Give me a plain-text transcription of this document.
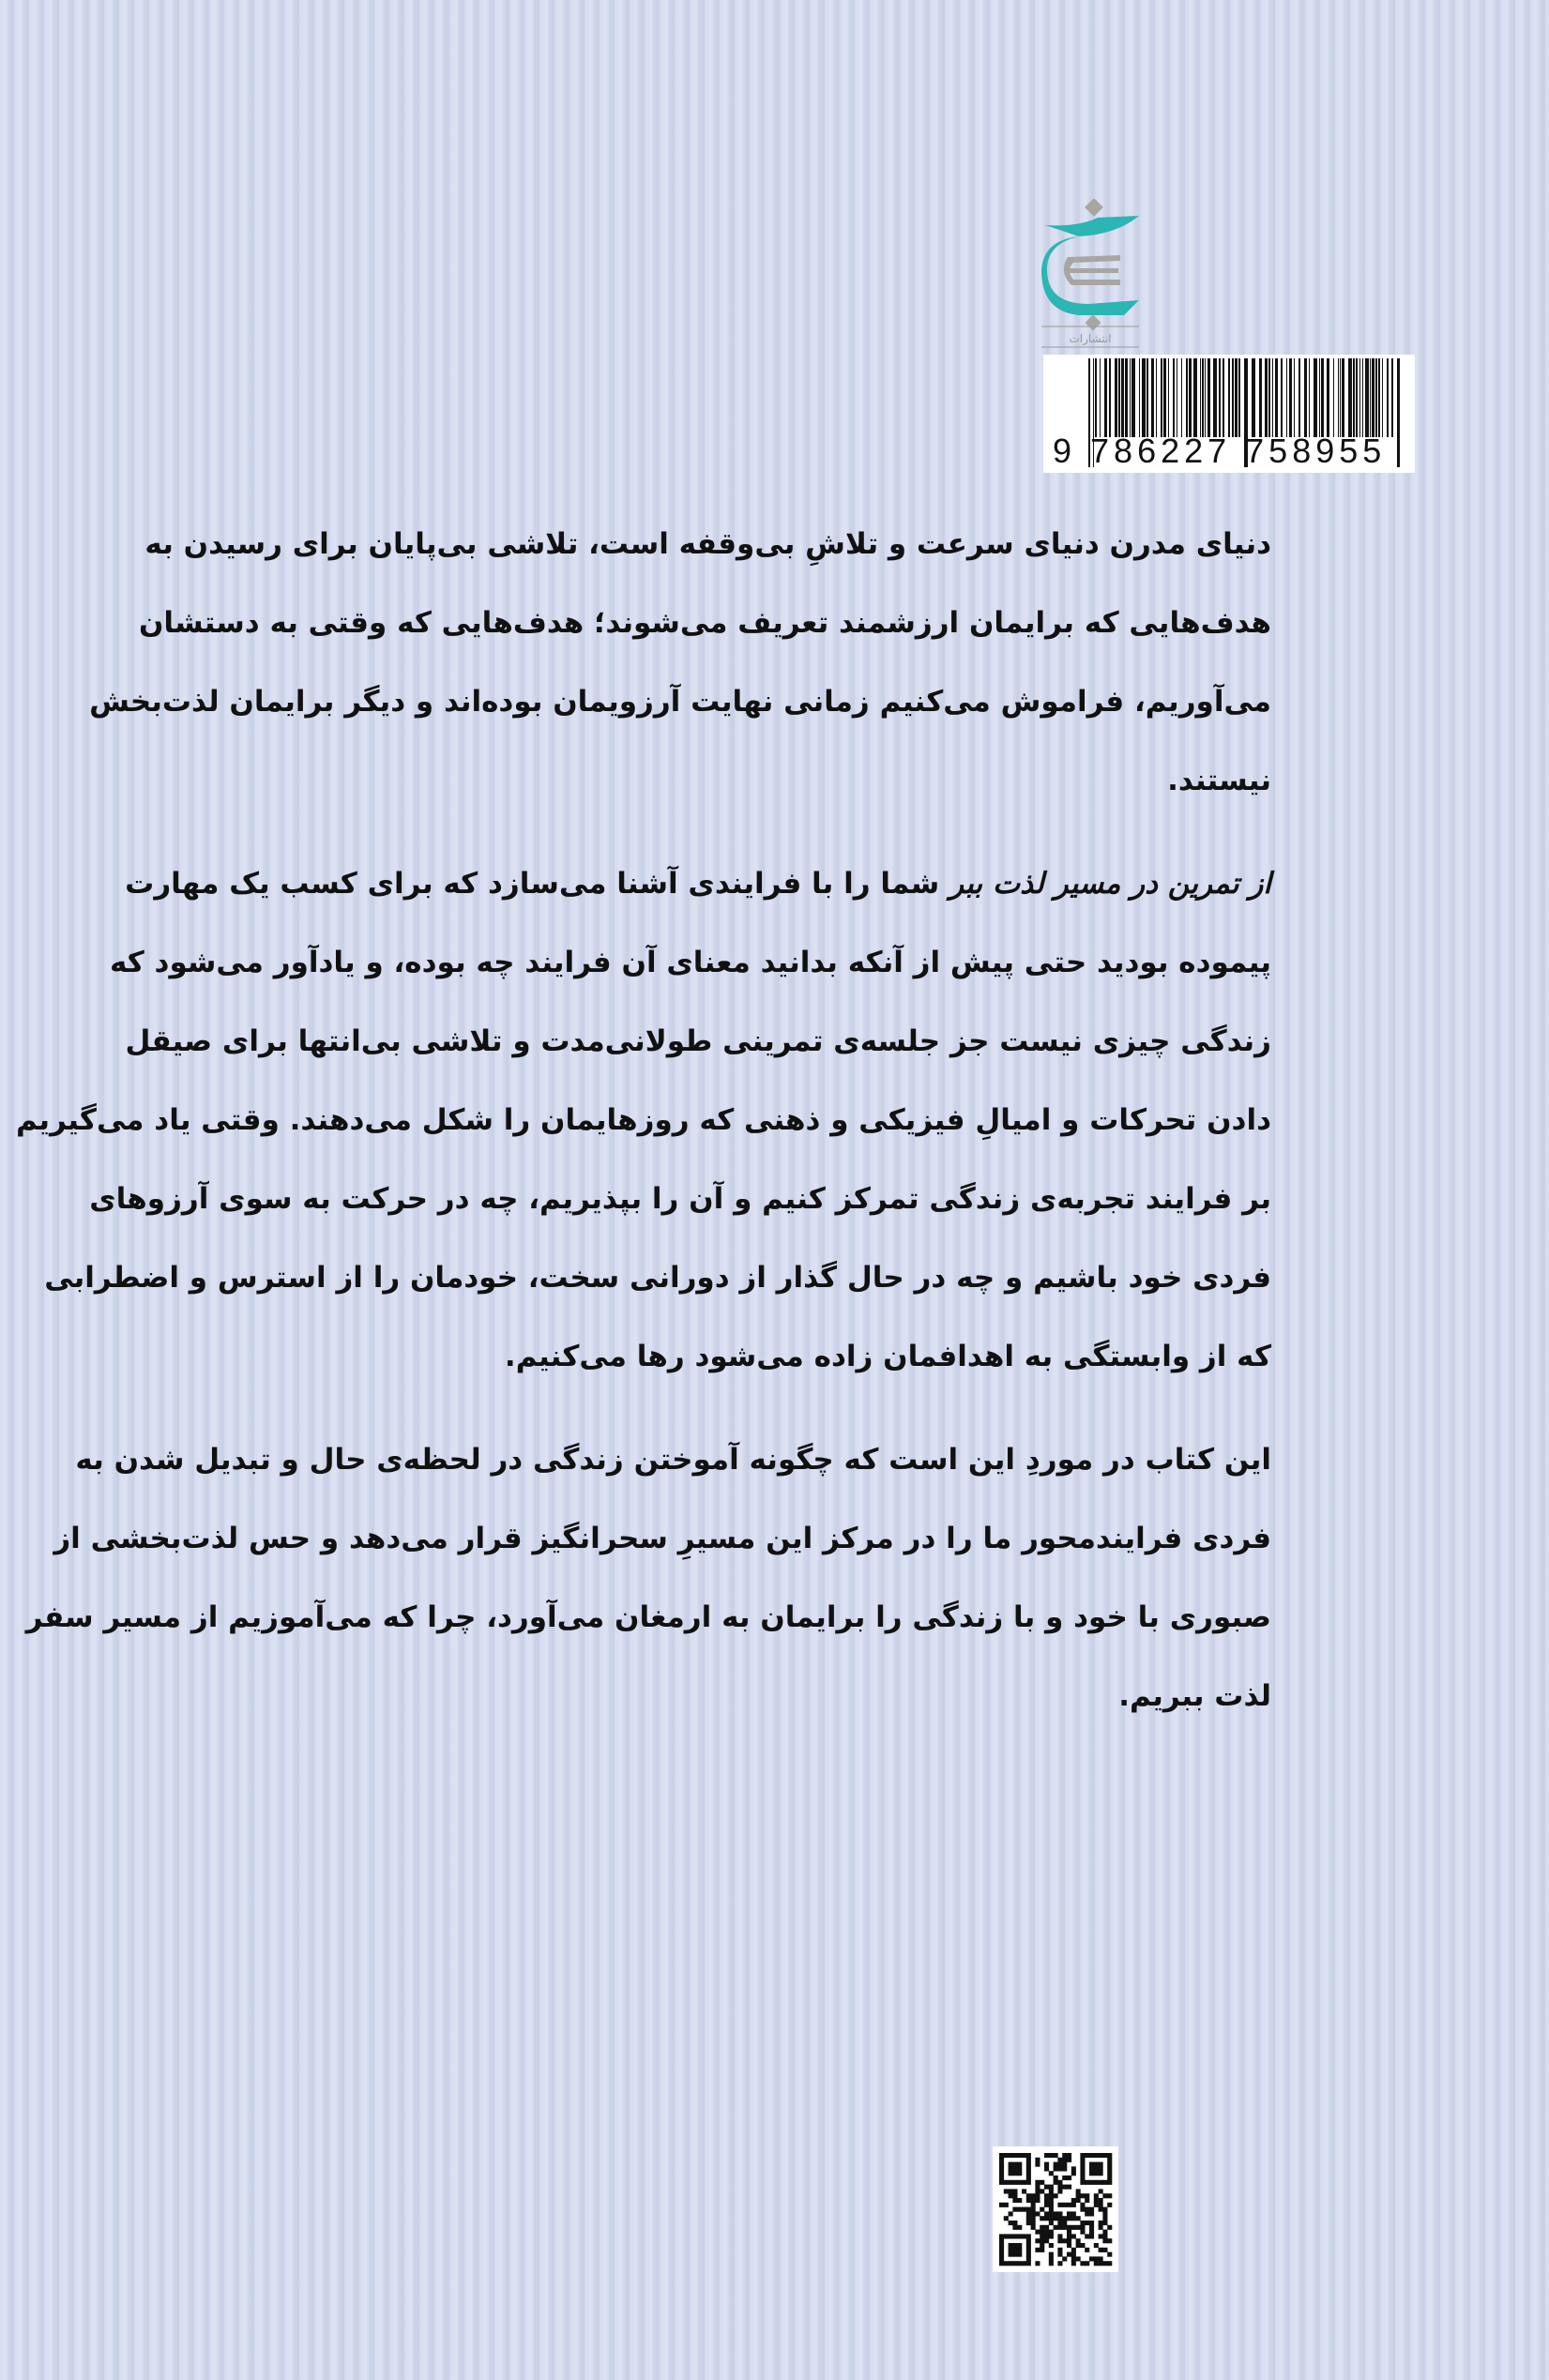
انتشارات
9 786227 758955
دنیای مدرن دنیای سرعت و تلاشِ بی‌وقفه است، تلاشی بی‌پایان برای رسیدن به
هدف‌هایی که برایمان ارزشمند تعریف می‌شوند؛ هدف‌هایی که وقتی به دستشان
می‌آوریم، فراموش می‌کنیم زمانی نهایت آرزویمان بوده‌اند و دیگر برایمان لذت‌بخش
نیستند.
از تمرین در مسیر لذت ببر شما را با فرایندی آشنا می‌سازد که برای کسب یک مهارت
پیموده بودید حتی پیش از آنکه بدانید معنای آن فرایند چه بوده، و یادآور می‌شود که
زندگی چیزی نیست جز جلسه‌ی تمرینی طولانی‌مدت و تلاشی بی‌انتها برای صیقل
دادن تحرکات و امیالِ فیزیکی و ذهنی که روزهایمان را شکل می‌دهند. وقتی یاد می‌گیریم
بر فرایند تجربه‌ی زندگی تمرکز کنیم و آن را بپذیریم، چه در حرکت به سوی آرزوهای
فردی خود باشیم و چه در حال گذار از دورانی سخت، خودمان را از استرس و اضطرابی
که از وابستگی به اهدافمان زاده می‌شود رها می‌کنیم.
این کتاب در موردِ این است که چگونه آموختن زندگی در لحظه‌ی حال و تبدیل شدن به
فردی فرایندمحور ما را در مرکز این مسیرِ سحرانگیز قرار می‌دهد و حس لذت‌بخشی از
صبوری با خود و با زندگی را برایمان به ارمغان می‌آورد، چرا که می‌آموزیم از مسیر سفر
لذت ببریم.
